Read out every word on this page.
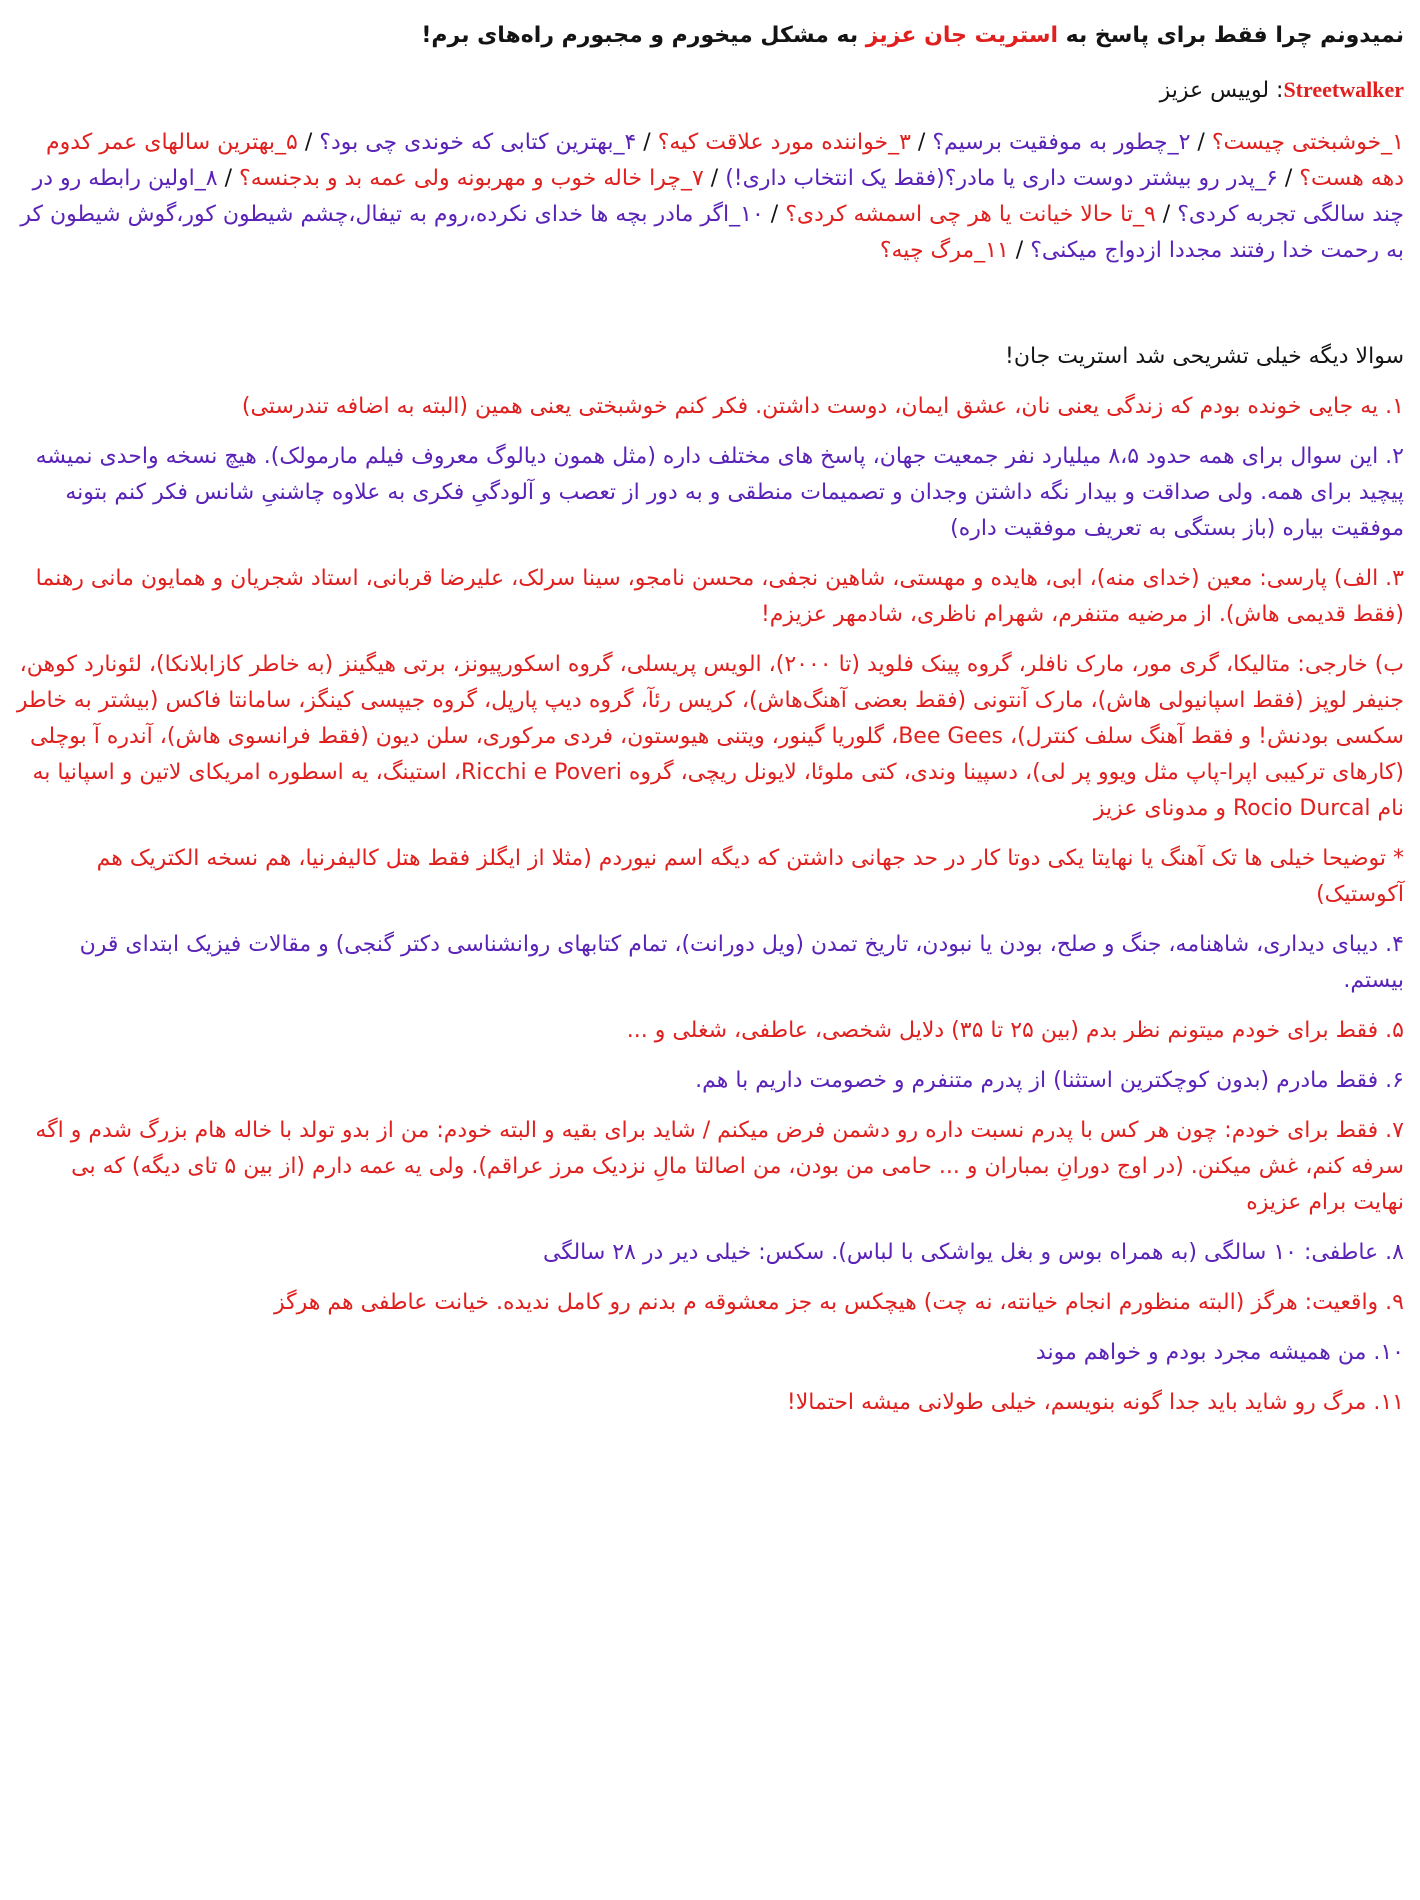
نمیدونم چرا فقط برای پاسخ به استریت جان عزیز به مشکل میخورم و مجبورم راه‌های برم!
Streetwalker: لوییس عزیز
۱_خوشبختی چیست؟ / ۲_چطور به موفقیت برسیم؟ / ۳_خواننده مورد علاقت کیه؟ / ۴_بهترین کتابی که خوندی چی بود؟ / ۵_بهترین سالهای عمر کدوم دهه هست؟ / ۶_پدر رو بیشتر دوست داری یا مادر؟(فقط یک انتخاب داری!) / ۷_چرا خاله خوب و مهربونه ولی عمه بد و بدجنسه؟ / ۸_اولین رابطه رو در چند سالگی تجربه کردی؟ / ۹_تا حالا خیانت یا هر چی اسمشه کردی؟ / ۱۰_اگر مادر بچه ها خدای نکرده،روم به تیفال،چشم شیطون کور،گوش شیطون کر به رحمت خدا رفتند مجددا ازدواج میکنی؟ / ۱۱_مرگ چیه؟
سوالا دیگه خیلی تشریحی شد استریت جان!
۱. یه جایی خونده بودم که زندگی یعنی نان، عشق ایمان، دوست داشتن. فکر کنم خوشبختی یعنی همین (البته به اضافه تندرستی)
۲. این سوال برای همه حدود ۸،۵ میلیارد نفر جمعیت جهان، پاسخ های مختلف داره (مثل همون دیالوگ معروف فیلم مارمولک). هیچ نسخه واحدی نمیشه پیچید برای همه. ولی صداقت و بیدار نگه داشتن وجدان و تصمیمات منطقی و به دور از تعصب و آلودگیِ فکری به علاوه چاشنیِ شانس فکر کنم بتونه موفقیت بیاره (باز بستگی به تعریف موفقیت داره)
۳. الف) پارسی: معین (خدای منه)، ابی، هایده و مهستی، شاهین نجفی، محسن نامجو، سینا سرلک، علیرضا قربانی، استاد شجریان و همایون مانی رهنما (فقط قدیمی هاش). از مرضیه متنفرم، شهرام ناظری، شادمهر عزیزم!
ب) خارجی: متالیکا، گری مور، مارک نافلر، گروه پینک فلوید (تا ۲۰۰۰)، الویس پریسلی، گروه اسکورپیونز، برتی هیگینز (به خاطر کازابلانکا)، لئونارد کوهن، جنیفر لوپز (فقط اسپانیولی هاش)، مارک آنتونی (فقط بعضی آهنگ‌هاش)، کریس رئآ، گروه دیپ پارپل، گروه جیپسی کینگز، سامانتا فاکس (بیشتر به خاطر سکسی بودنش! و فقط آهنگ سلف کنترل)، Bee Gees، گلوریا گینور، ویتنی هیوستون، فردی مرکوری، سلن دیون (فقط فرانسوی هاش)، آندره آ بوچلی (کارهای ترکیبی اپرا-پاپ مثل ویوو پر لی)، دسپینا وندی، کتی ملوئا، لایونل ریچی، گروه Ricchi e Poveri، استینگ، یه اسطوره امریکای لاتین و اسپانیا به نام Rocio Durcal و مدونای عزیز
* توضیحا خیلی ها تک آهنگ یا نهایتا یکی دوتا کار در حد جهانی داشتن که دیگه اسم نیوردم (مثلا از ایگلز فقط هتل کالیفرنیا، هم نسخه الکتریک هم آکوستیک)
۴. دیبای دیداری، شاهنامه، جنگ و صلح، بودن یا نبودن، تاریخ تمدن (ویل دورانت)، تمام کتابهای روانشناسی دکتر گنجی) و مقالات فیزیک ابتدای قرن بیستم.
۵. فقط برای خودم میتونم نظر بدم (بین ۲۵ تا ۳۵) دلایل شخصی، عاطفی، شغلی و ...
۶. فقط مادرم (بدون کوچکترین استثنا) از پدرم متنفرم و خصومت داریم با هم.
۷. فقط برای خودم: چون هر کس با پدرم نسبت داره رو دشمن فرض میکنم / شاید برای بقیه و البته خودم: من از بدو تولد با خاله هام بزرگ شدم و اگه سرفه کنم، غش میکنن. (در اوج دورانِ بمباران و ... حامی من بودن، من اصالتا مالِ نزدیک مرز عراقم). ولی یه عمه دارم (از بین ۵ تای دیگه) که بی نهایت برام عزیزه
۸. عاطفی: ۱۰ سالگی (به همراه بوس و بغل یواشکی با لباس). سکس: خیلی دیر در ۲۸ سالگی
۹. واقعیت: هرگز (البته منظورم انجام خیانته، نه چت) هیچکس به جز معشوقه م بدنم رو کامل ندیده. خیانت عاطفی هم هرگز
۱۰. من همیشه مجرد بودم و خواهم موند
۱۱. مرگ رو شاید باید جدا گونه بنویسم، خیلی طولانی میشه احتمالا!
